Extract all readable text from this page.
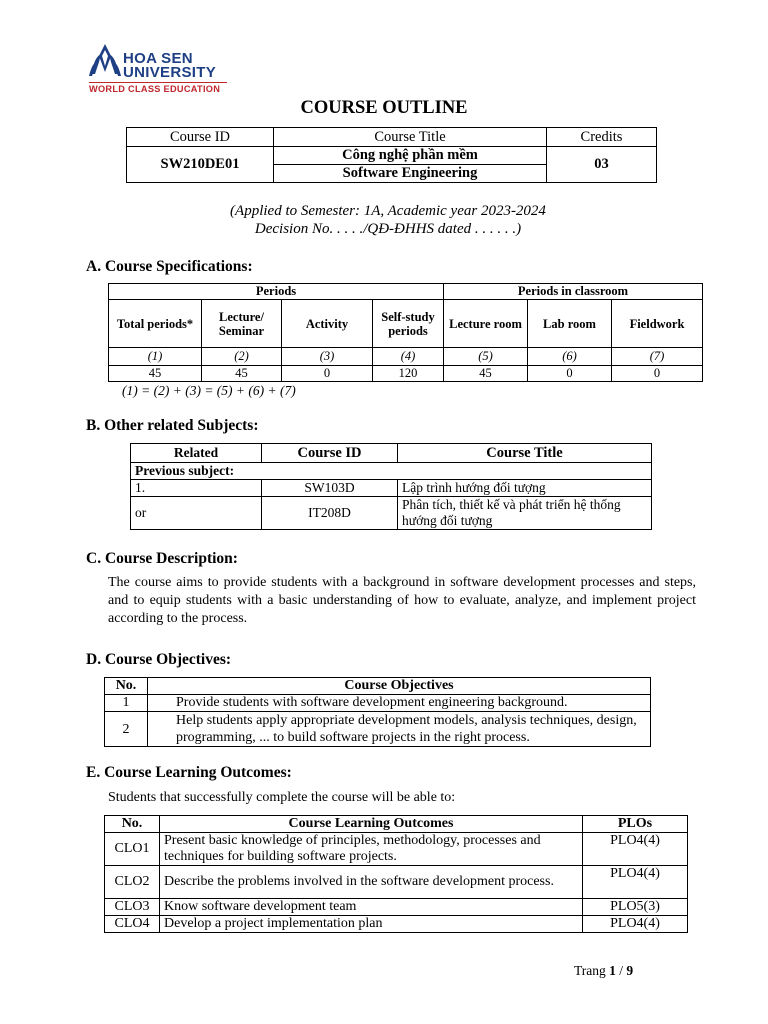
HOA SEN
UNIVERSITY
WORLD CLASS EDUCATION
COURSE OUTLINE
Course ID	Course Title	Credits
SW210DE01	Công nghệ phần mềm	03
	Software Engineering	
(Applied to Semester: 1A, Academic year 2023-2024
Decision No. . . . ./QĐ-ĐHHS dated . . . . . .)
A. Course Specifications:
Periods				Periods in classroom		
Total periods*	Lecture/ Seminar	Activity	Self-study periods	Lecture room	Lab room	Fieldwork
(1)	(2)	(3)	(4)	(5)	(6)	(7)
45	45	0	120	45	0	0
(1) = (2) + (3) = (5) + (6) + (7)
B. Other related Subjects:
Related	Course ID	Course Title
Previous subject:		
1.	SW103D	Lập trình hướng đối tượng
or	IT208D	Phân tích, thiết kế và phát triển hệ thống hướng đối tượng
C. Course Description:
The course aims to provide students with a background in software development processes and steps, and to equip students with a basic understanding of how to evaluate, analyze, and implement project according to the process.
D. Course Objectives:
No.	Course Objectives
1	Provide students with software development engineering background.
2	Help students apply appropriate development models, analysis techniques, design, programming, ... to build software projects in the right process.
E. Course Learning Outcomes:
Students that successfully complete the course will be able to:
No.	Course Learning Outcomes	PLOs
CLO1	Present basic knowledge of principles, methodology, processes and techniques for building software projects.	PLO4(4)
CLO2	Describe the problems involved in the software development process.	PLO4(4)
CLO3	Know software development team	PLO5(3)
CLO4	Develop a project implementation plan	PLO4(4)
Trang 1 / 9
